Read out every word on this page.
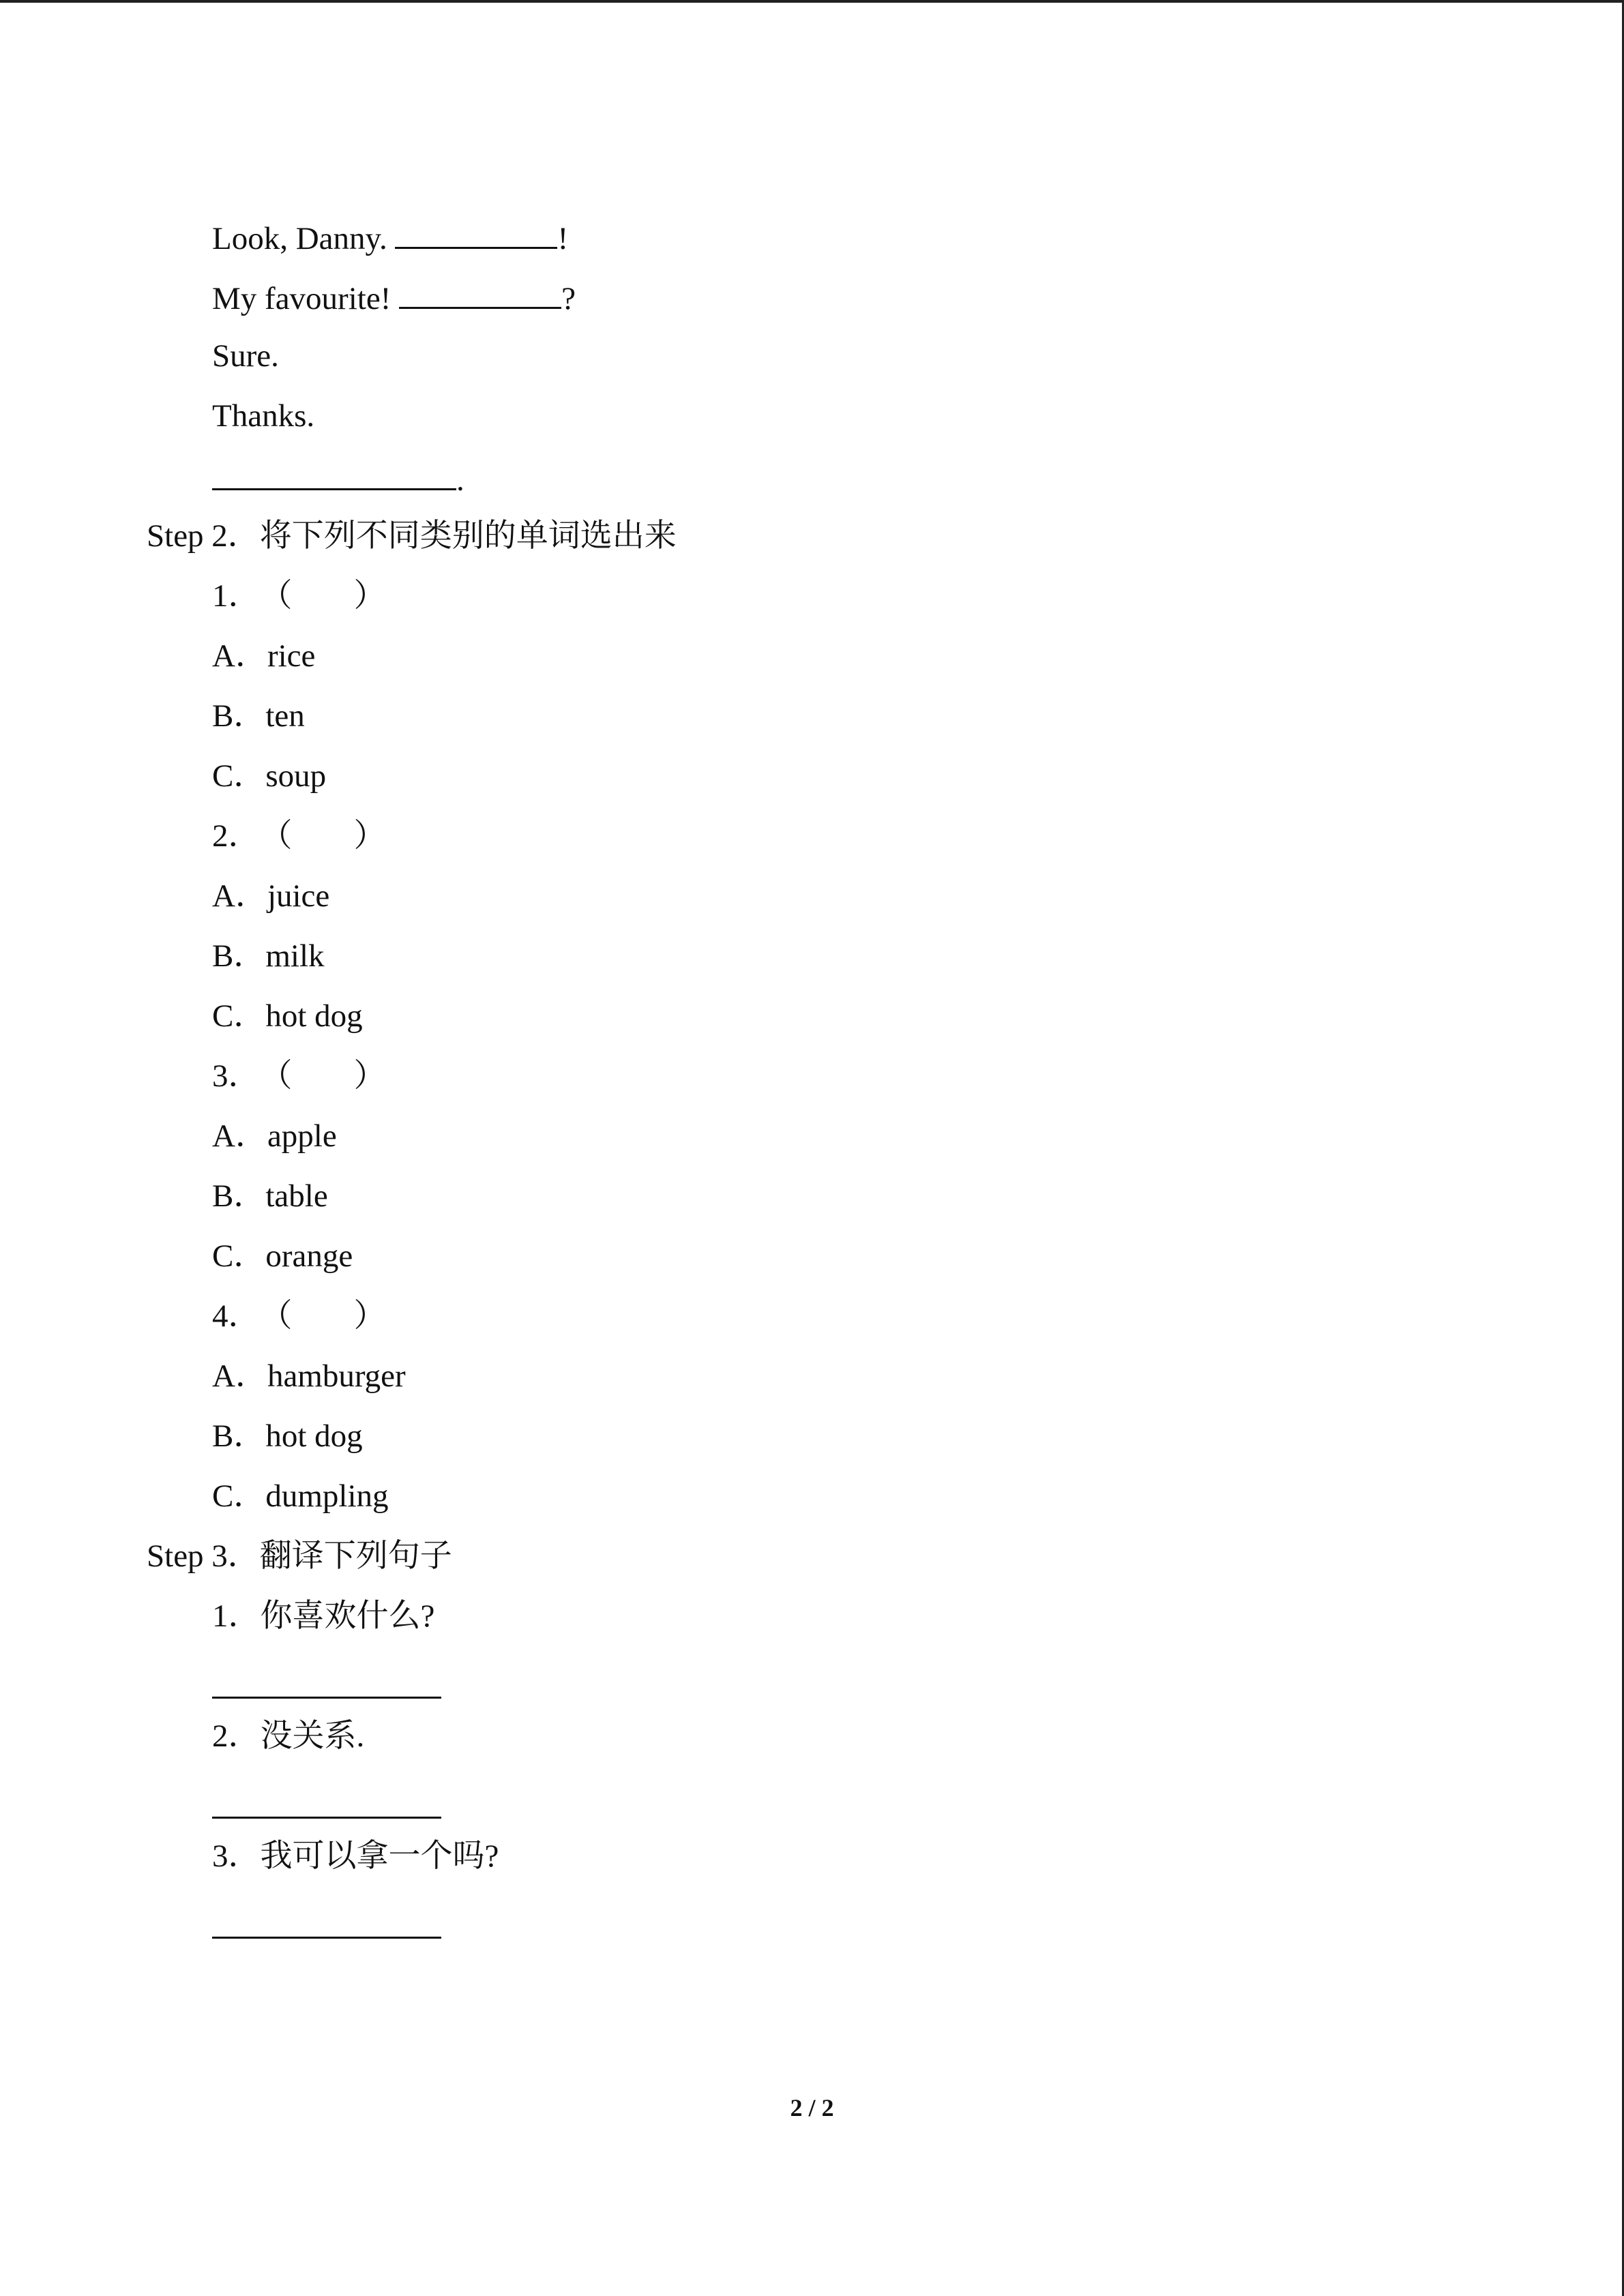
Look, Danny.	!
My favourite!	?
Sure.
Thanks.
.
Step 2．将下列不同类别的单词选出来
1．（ ）
A．rice
B．ten
C．soup
2．（ ）
A．juice
B．milk
C．hot dog
3．（ ）
A．apple
B．table
C．orange
4．（ ）
A．hamburger
B．hot dog
C．dumpling
Step 3．翻译下列句子
1．你喜欢什么?
2．没关系.
3．我可以拿一个吗?
2 / 2
